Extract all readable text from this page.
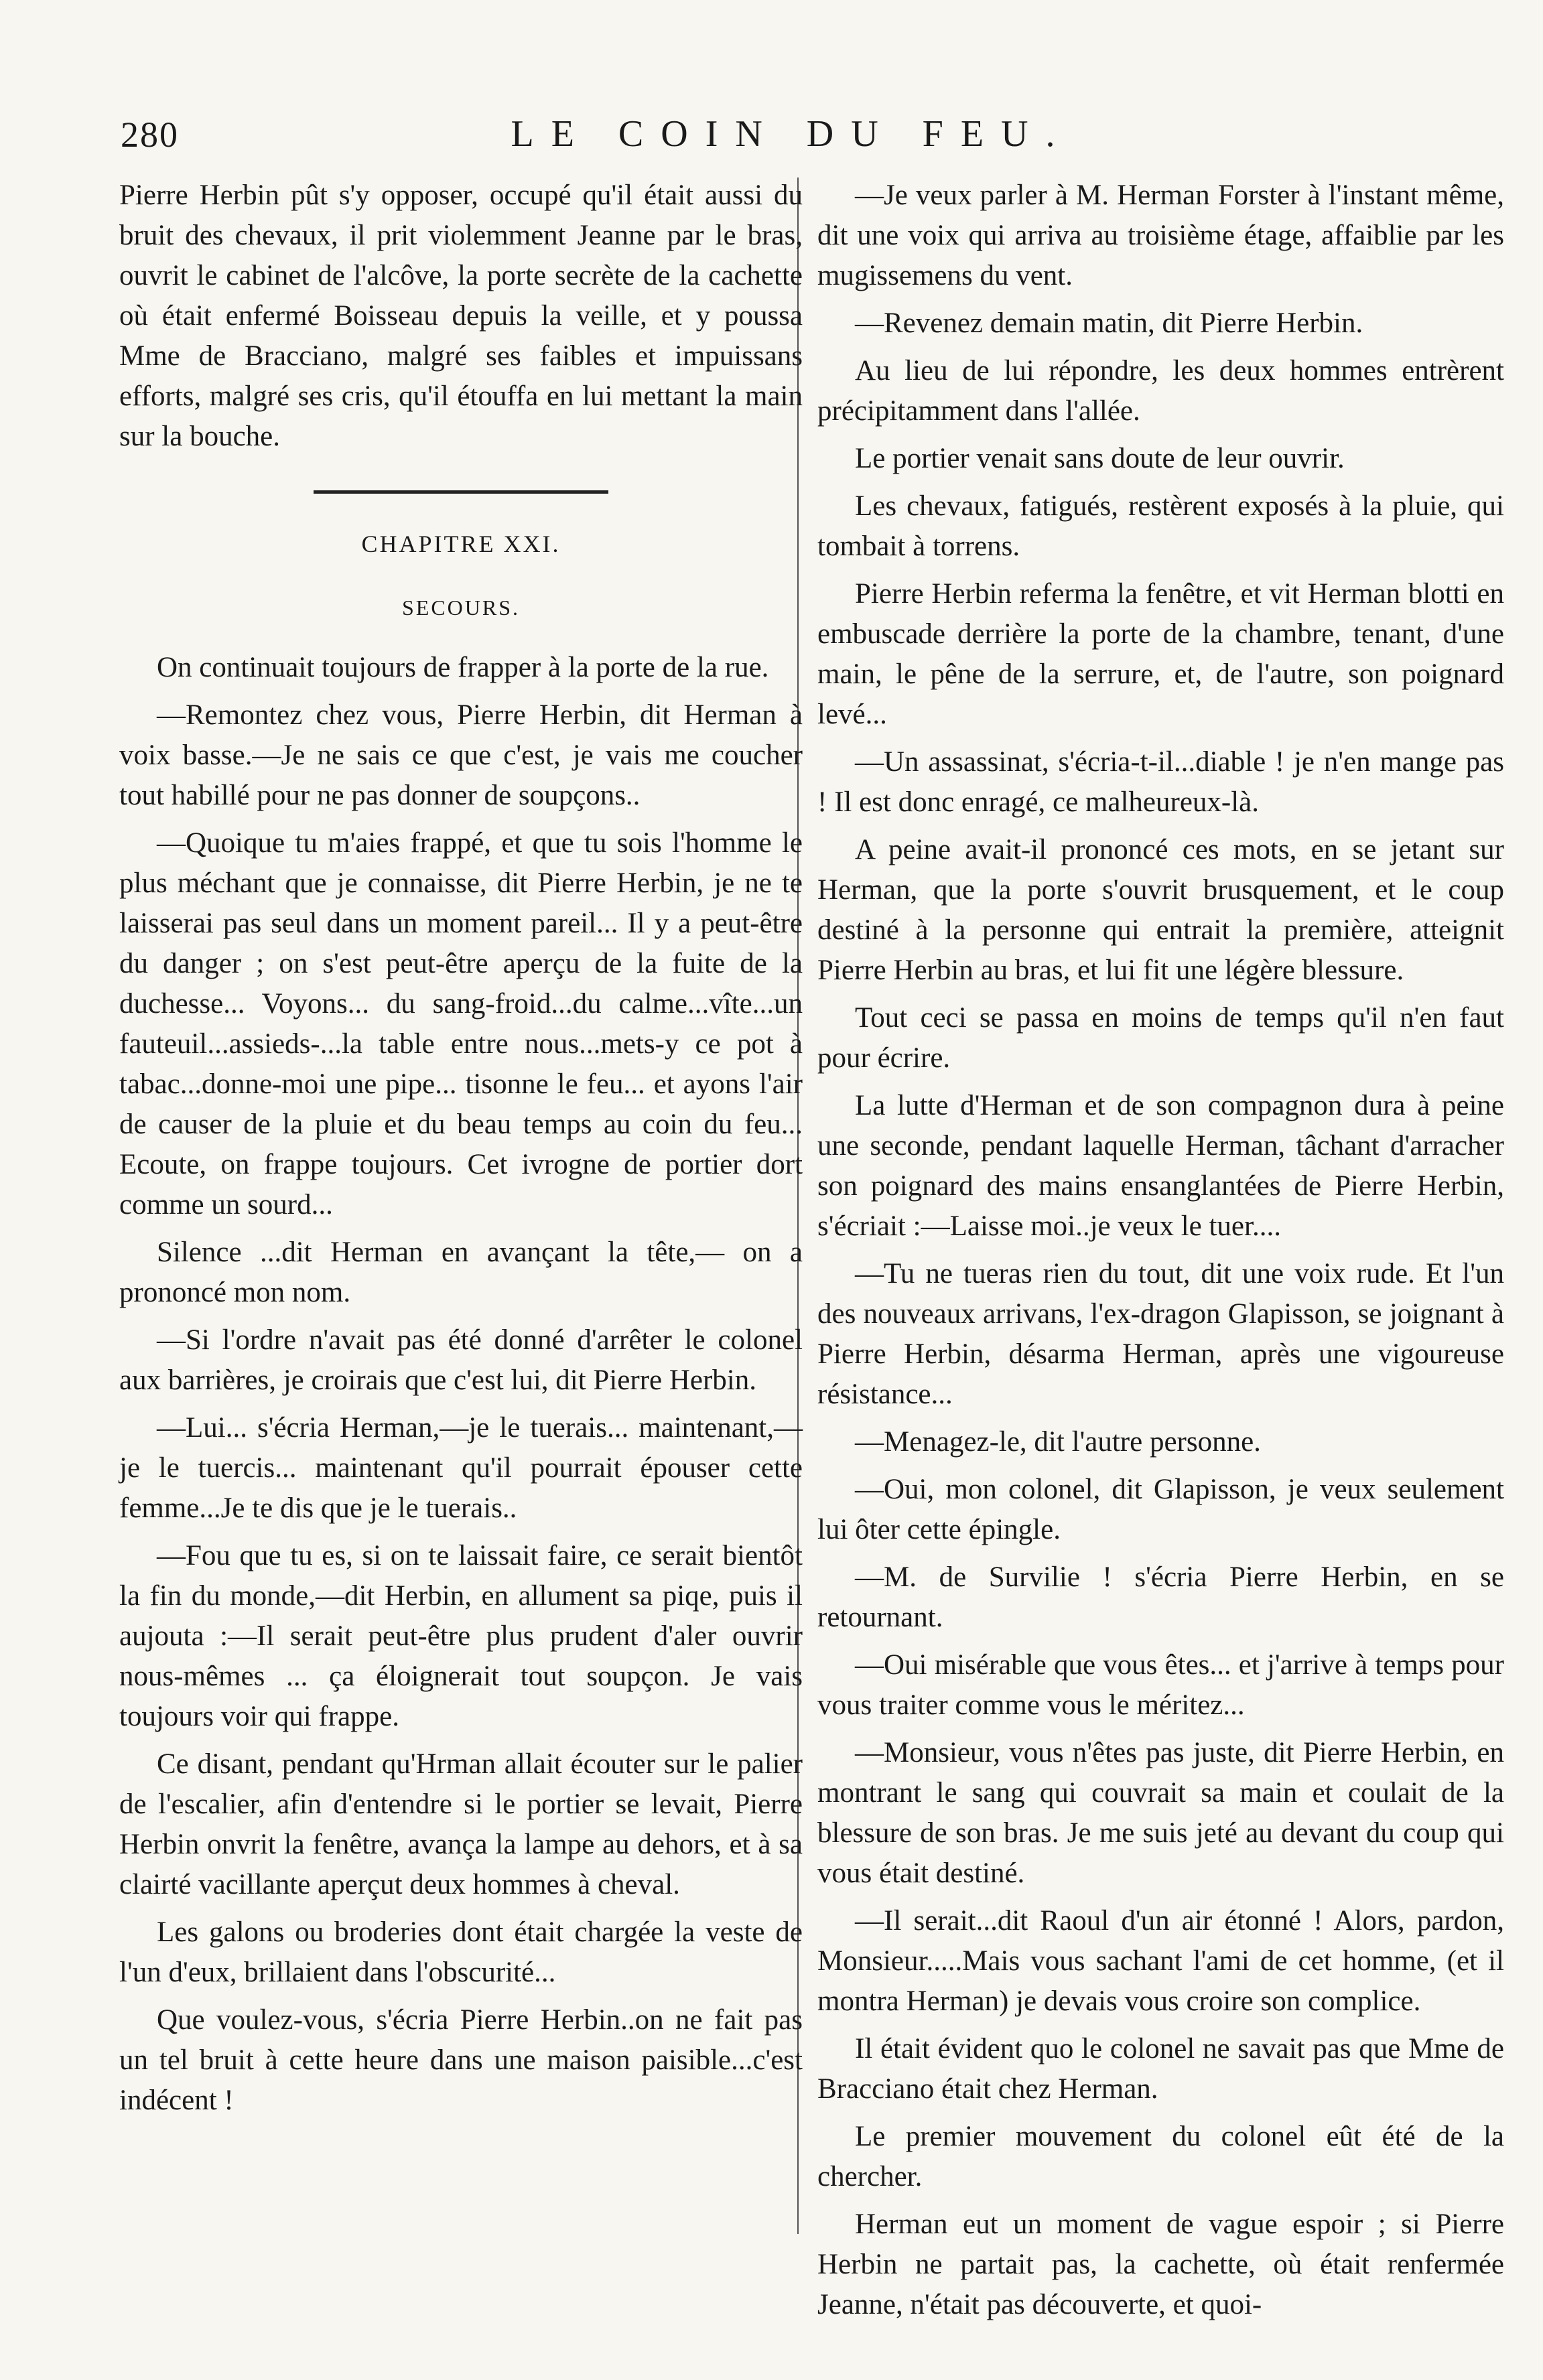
280	LE COIN DU FEU.

Pierre Herbin pût s'y opposer, occupé qu'il était aussi du bruit des chevaux, il prit violemment Jeanne par le bras, ouvrit le cabinet de l'alcôve, la porte secrète de la cachette où était enfermé Boisseau depuis la veille, et y poussa Mme de Bracciano, malgré ses faibles et impuissans efforts, malgré ses cris, qu'il étouffa en lui mettant la main sur la bouche.

CHAPITRE XXI.
SECOURS.

On continuait toujours de frapper à la porte de la rue.

—Remontez chez vous, Pierre Herbin, dit Herman à voix basse.—Je ne sais ce que c'est, je vais me coucher tout habillé pour ne pas donner de soupçons..

—Quoique tu m'aies frappé, et que tu sois l'homme le plus méchant que je connaisse, dit Pierre Herbin, je ne te laisserai pas seul dans un moment pareil... Il y a peut-être du danger ; on s'est peut-être aperçu de la fuite de la duchesse... Voyons... du sang-froid...du calme...vîte...un fauteuil...assieds-...la table entre nous...mets-y ce pot à tabac...donne-moi une pipe... tisonne le feu... et ayons l'air de causer de la pluie et du beau temps au coin du feu... Ecoute, on frappe toujours. Cet ivrogne de portier dort comme un sourd...

Silence ...dit Herman en avançant la tête,— on a prononcé mon nom.

—Si l'ordre n'avait pas été donné d'arrêter le colonel aux barrières, je croirais que c'est lui, dit Pierre Herbin.

—Lui... s'écria Herman,—je le tuerais... maintenant,—je le tuercis... maintenant qu'il pourrait épouser cette femme...Je te dis que je le tuerais..

—Fou que tu es, si on te laissait faire, ce serait bientôt la fin du monde,—dit Herbin, en allument sa piqe, puis il aujouta :—Il serait peut-être plus prudent d'aler ouvrir nous-mêmes ... ça éloignerait tout soupçon. Je vais toujours voir qui frappe.

Ce disant, pendant qu'Hrman allait écouter sur le palier de l'escalier, afin d'entendre si le portier se levait, Pierre Herbin onvrit la fenêtre, avança la lampe au dehors, et à sa clairté vacillante aperçut deux hommes à cheval.

Les galons ou broderies dont était chargée la veste de l'un d'eux, brillaient dans l'obscurité...

Que voulez-vous, s'écria Pierre Herbin..on ne fait pas un tel bruit à cette heure dans une maison paisible...c'est indécent !

—Je veux parler à M. Herman Forster à l'instant même, dit une voix qui arriva au troisième étage, affaiblie par les mugissemens du vent.

—Revenez demain matin, dit Pierre Herbin.

Au lieu de lui répondre, les deux hommes entrèrent précipitamment dans l'allée.

Le portier venait sans doute de leur ouvrir.

Les chevaux, fatigués, restèrent exposés à la pluie, qui tombait à torrens.

Pierre Herbin referma la fenêtre, et vit Herman blotti en embuscade derrière la porte de la chambre, tenant, d'une main, le pêne de la serrure, et, de l'autre, son poignard levé...

—Un assassinat, s'écria-t-il...diable ! je n'en mange pas ! Il est donc enragé, ce malheureux-là.

A peine avait-il prononcé ces mots, en se jetant sur Herman, que la porte s'ouvrit brusquement, et le coup destiné à la personne qui entrait la première, atteignit Pierre Herbin au bras, et lui fit une légère blessure.

Tout ceci se passa en moins de temps qu'il n'en faut pour écrire.

La lutte d'Herman et de son compagnon dura à peine une seconde, pendant laquelle Herman, tâchant d'arracher son poignard des mains ensanglantées de Pierre Herbin, s'écriait :—Laisse moi..je veux le tuer....

—Tu ne tueras rien du tout, dit une voix rude. Et l'un des nouveaux arrivans, l'ex-dragon Glapisson, se joignant à Pierre Herbin, désarma Herman, après une vigoureuse résistance...

—Menagez-le, dit l'autre personne.

—Oui, mon colonel, dit Glapisson, je veux seulement lui ôter cette épingle.

—M. de Survilie ! s'écria Pierre Herbin, en se retournant.

—Oui misérable que vous êtes... et j'arrive à temps pour vous traiter comme vous le méritez...

—Monsieur, vous n'êtes pas juste, dit Pierre Herbin, en montrant le sang qui couvrait sa main et coulait de la blessure de son bras. Je me suis jeté au devant du coup qui vous était destiné.

—Il serait...dit Raoul d'un air étonné ! Alors, pardon, Monsieur.....Mais vous sachant l'ami de cet homme, (et il montra Herman) je devais vous croire son complice.

Il était évident quo le colonel ne savait pas que Mme de Bracciano était chez Herman.

Le premier mouvement du colonel eût été de la chercher.

Herman eut un moment de vague espoir ; si Pierre Herbin ne partait pas, la cachette, où était renfermée Jeanne, n'était pas découverte, et quoi-
